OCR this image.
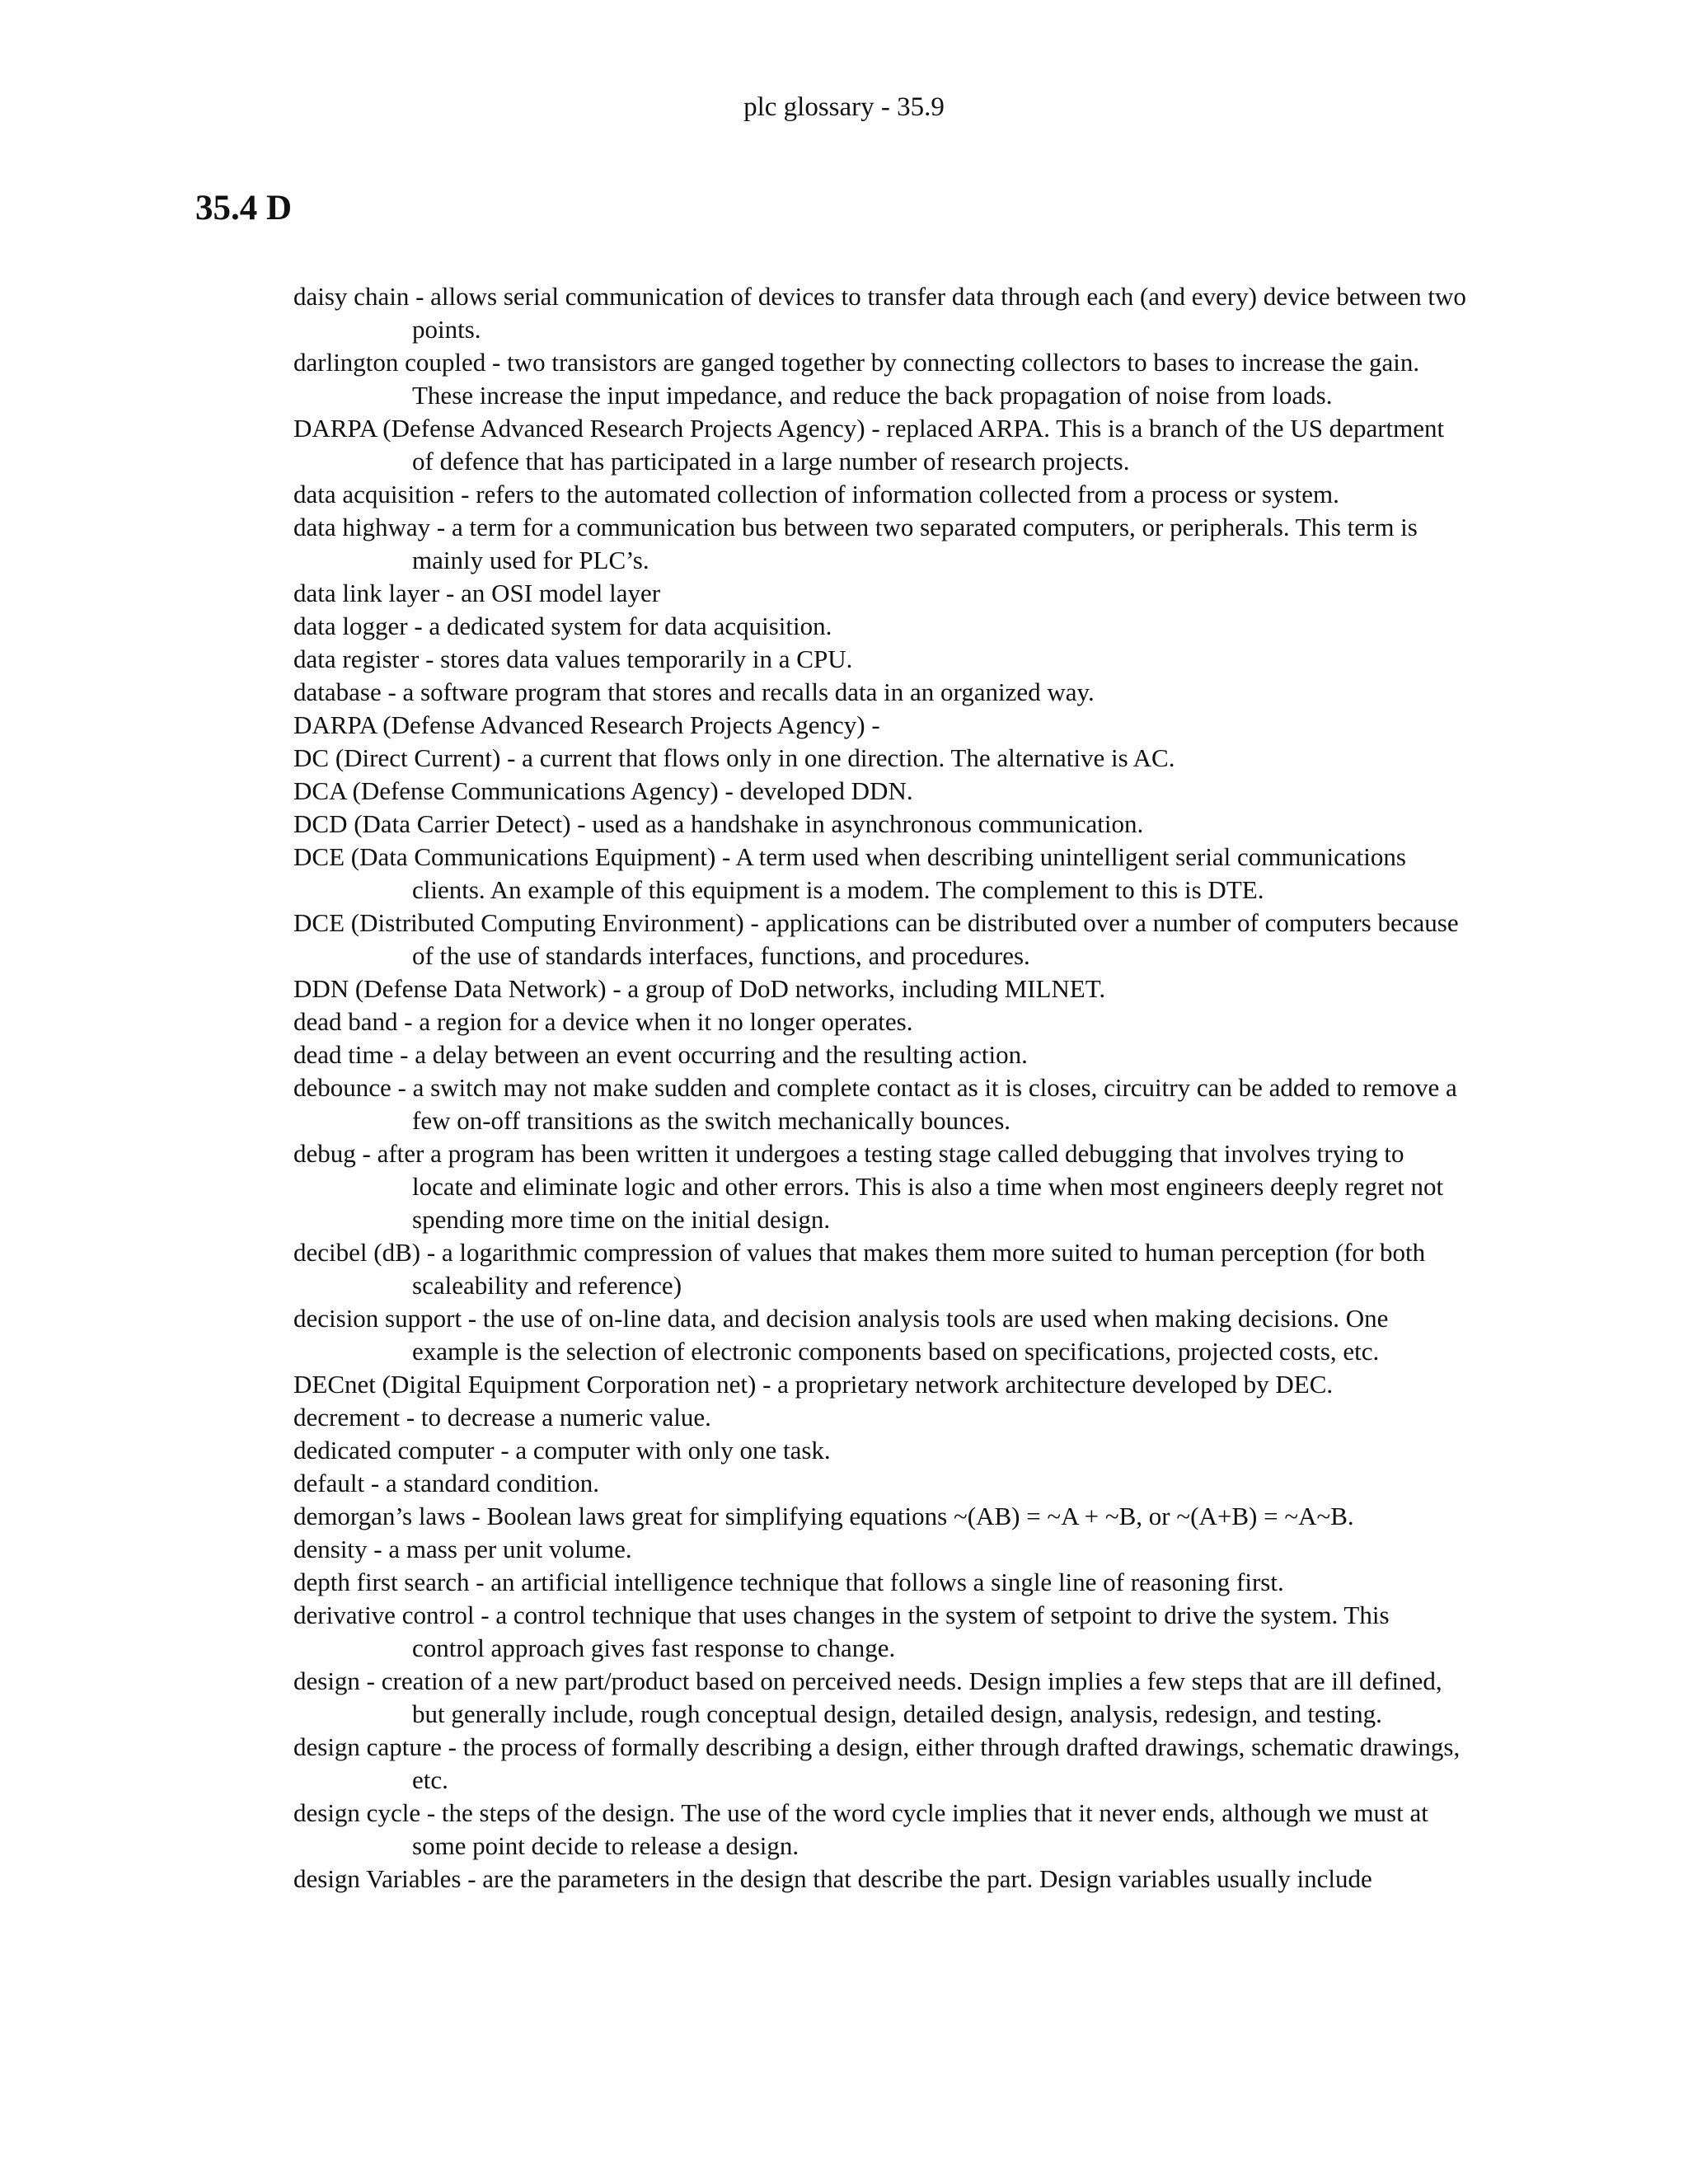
plc glossary - 35.9
35.4 D

daisy chain - allows serial communication of devices to transfer data through each (and every) device between two points.

darlington coupled - two transistors are ganged together by connecting collectors to bases to increase the gain. These increase the input impedance, and reduce the back propagation of noise from loads.

DARPA (Defense Advanced Research Projects Agency) - replaced ARPA. This is a branch of the US department of defence that has participated in a large number of research projects.

data acquisition - refers to the automated collection of information collected from a process or system.

data highway - a term for a communication bus between two separated computers, or peripherals. This term is mainly used for PLC’s.

data link layer - an OSI model layer

data logger - a dedicated system for data acquisition.

data register - stores data values temporarily in a CPU.

database - a software program that stores and recalls data in an organized way.

DARPA (Defense Advanced Research Projects Agency) -

DC (Direct Current) - a current that flows only in one direction. The alternative is AC.

DCA (Defense Communications Agency) - developed DDN.

DCD (Data Carrier Detect) - used as a handshake in asynchronous communication.

DCE (Data Communications Equipment) - A term used when describing unintelligent serial communications clients. An example of this equipment is a modem. The complement to this is DTE.

DCE (Distributed Computing Environment) - applications can be distributed over a number of computers because of the use of standards interfaces, functions, and procedures.

DDN (Defense Data Network) - a group of DoD networks, including MILNET.

dead band - a region for a device when it no longer operates.

dead time - a delay between an event occurring and the resulting action.

debounce - a switch may not make sudden and complete contact as it is closes, circuitry can be added to remove a few on-off transitions as the switch mechanically bounces.

debug - after a program has been written it undergoes a testing stage called debugging that involves trying to locate and eliminate logic and other errors. This is also a time when most engineers deeply regret not spending more time on the initial design.

decibel (dB) - a logarithmic compression of values that makes them more suited to human perception (for both scaleability and reference)

decision support - the use of on-line data, and decision analysis tools are used when making decisions. One example is the selection of electronic components based on specifications, projected costs, etc.

DECnet (Digital Equipment Corporation net) - a proprietary network architecture developed by DEC.

decrement - to decrease a numeric value.

dedicated computer - a computer with only one task.

default - a standard condition.

demorgan’s laws - Boolean laws great for simplifying equations ~(AB) = ~A + ~B, or ~(A+B) = ~A~B.

density - a mass per unit volume.

depth first search - an artificial intelligence technique that follows a single line of reasoning first.

derivative control - a control technique that uses changes in the system of setpoint to drive the system. This control approach gives fast response to change.

design - creation of a new part/product based on perceived needs. Design implies a few steps that are ill defined, but generally include, rough conceptual design, detailed design, analysis, redesign, and testing.

design capture - the process of formally describing a design, either through drafted drawings, schematic drawings, etc.

design cycle - the steps of the design. The use of the word cycle implies that it never ends, although we must at some point decide to release a design.

design Variables - are the parameters in the design that describe the part. Design variables usually include
